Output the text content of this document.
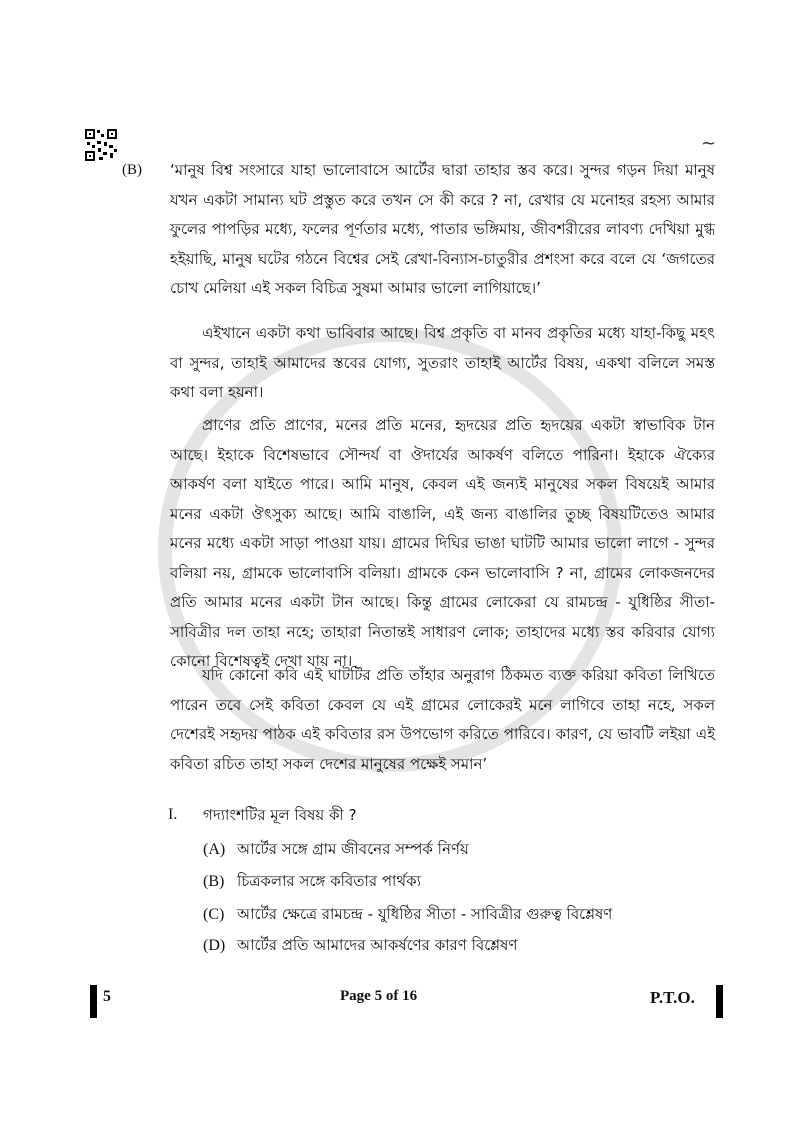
~
(B) ‘মানুষ বিশ্ব সংসারে যাহা ভালোবাসে আর্টের দ্বারা তাহার স্তব করে। সুন্দর গড়ন দিয়া মানুষ যখন একটা সামান্য ঘট প্রস্তুত করে তখন সে কী করে ? না, রেখার যে মনোহর রহস্য আমার ফুলের পাপড়ির মধ্যে, ফলের পূর্ণতার মধ্যে, পাতার ভঙ্গিমায়, জীবশরীরের লাবণ্য দেখিয়া মুগ্ধ হইয়াছি, মানুষ ঘটের গঠনে বিশ্বের সেই রেখা-বিন্যাস-চাতুরীর প্রশংসা করে বলে যে ‘জগতের চোখ মেলিয়া এই সকল বিচিত্র সুষমা আমার ভালো লাগিয়াছে।’
এইখানে একটা কথা ভাবিবার আছে। বিশ্ব প্রকৃতি বা মানব প্রকৃতির মধ্যে যাহা-কিছু মহৎ বা সুন্দর, তাহাই আমাদের স্তবের যোগ্য, সুতরাং তাহাই আর্টের বিষয়, একথা বলিলে সমস্ত কথা বলা হয়না।
প্রাণের প্রতি প্রাণের, মনের প্রতি মনের, হৃদয়ের প্রতি হৃদয়ের একটা স্বাভাবিক টান আছে। ইহাকে বিশেষভাবে সৌন্দর্য বা ঔদার্যের আকর্ষণ বলিতে পারিনা। ইহাকে ঐক্যের আকর্ষণ বলা যাইতে পারে। আমি মানুষ, কেবল এই জন্যই মানুষের সকল বিষয়েই আমার মনের একটা ঔৎসুক্য আছে। আমি বাঙালি, এই জন্য বাঙালির তুচ্ছ বিষয়টিতেও আমার মনের মধ্যে একটা সাড়া পাওয়া যায়। গ্রামের দিঘির ভাঙা ঘাটটি আমার ভালো লাগে - সুন্দর বলিয়া নয়, গ্রামকে ভালোবাসি বলিয়া। গ্রামকে কেন ভালোবাসি ? না, গ্রামের লোকজনদের প্রতি আমার মনের একটা টান আছে। কিন্তু গ্রামের লোকেরা যে রামচন্দ্র - যুধিষ্ঠির সীতা-সাবিত্রীর দল তাহা নহে; তাহারা নিতান্তই সাধারণ লোক; তাহাদের মধ্যে স্তব করিবার যোগ্য কোনো বিশেষত্বই দেখা যায় না।
যদি কোনো কবি এই ঘাটটির প্রতি তাঁহার অনুরাগ ঠিকমত ব্যক্ত করিয়া কবিতা লিখিতে পারেন তবে সেই কবিতা কেবল যে এই গ্রামের লোকেরই মনে লাগিবে তাহা নহে, সকল দেশেরই সহৃদয় পাঠক এই কবিতার রস উপভোগ করিতে পারিবে। কারণ, যে ভাবটি লইয়া এই কবিতা রচিত তাহা সকল দেশের মানুষের পক্ষেই সমান’
I. গদ্যাংশটির মূল বিষয় কী ?
(A) আর্টের সঙ্গে গ্রাম জীবনের সম্পর্ক নির্ণয়
(B) চিত্রকলার সঙ্গে কবিতার পার্থক্য
(C) আর্টের ক্ষেত্রে রামচন্দ্র - যুধিষ্ঠির সীতা - সাবিত্রীর গুরুত্ব বিশ্লেষণ
(D) আর্টের প্রতি আমাদের আকর্ষণের কারণ বিশ্লেষণ
5	Page 5 of 16	P.T.O.
